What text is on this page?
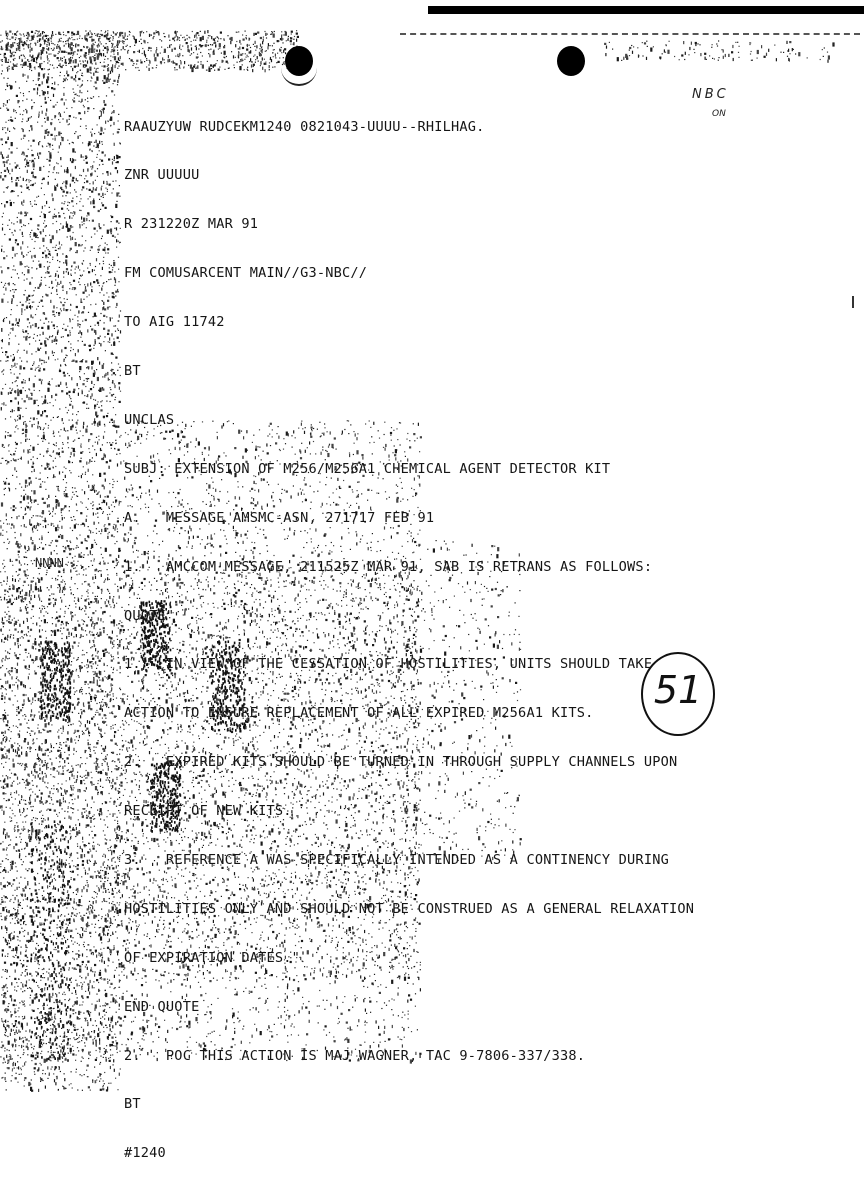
NBC
ON

RAAUZYUW RUDCEKM1240 0821043-UUUU--RHILHAG.

ZNR UUUUU

R 231220Z MAR 91

FM COMUSARCENT MAIN//G3-NBC//

TO AIG 11742

BT

UNCLAS

SUBJ: EXTENSION OF M256/M256A1 CHEMICAL AGENT DETECTOR KIT

A.   MESSAGE AMSMC-ASN, 271717 FEB 91

1.   AMCCOM MESSAGE, 211525Z MAR 91, SAB IS RETRANS AS FOLLOWS:

QUOTE"

1.   IN VIEW OF THE CESSATION OF HOSTILITIES, UNITS SHOULD TAKE

ACTION TO ENSURE REPLACEMENT OF ALL EXPIRED M256A1 KITS.

2.   EXPIRED KITS SHOULD BE TURNED IN THROUGH SUPPLY CHANNELS UPON

RECEIPT OF NEW KITS.

3.   REFERENCE A WAS SPECIFICALLY INTENDED AS A CONTINENCY DURING

HOSTILITIES ONLY AND SHOULD NOT BE CONSTRUED AS A GENERAL RELAXATION

OF EXPIRATION DATES."

END QUOTE

2.   POC THIS ACTION IS MAJ WAGNER, TAC 9-7806-337/338.

BT

#1240

NNNN
51
